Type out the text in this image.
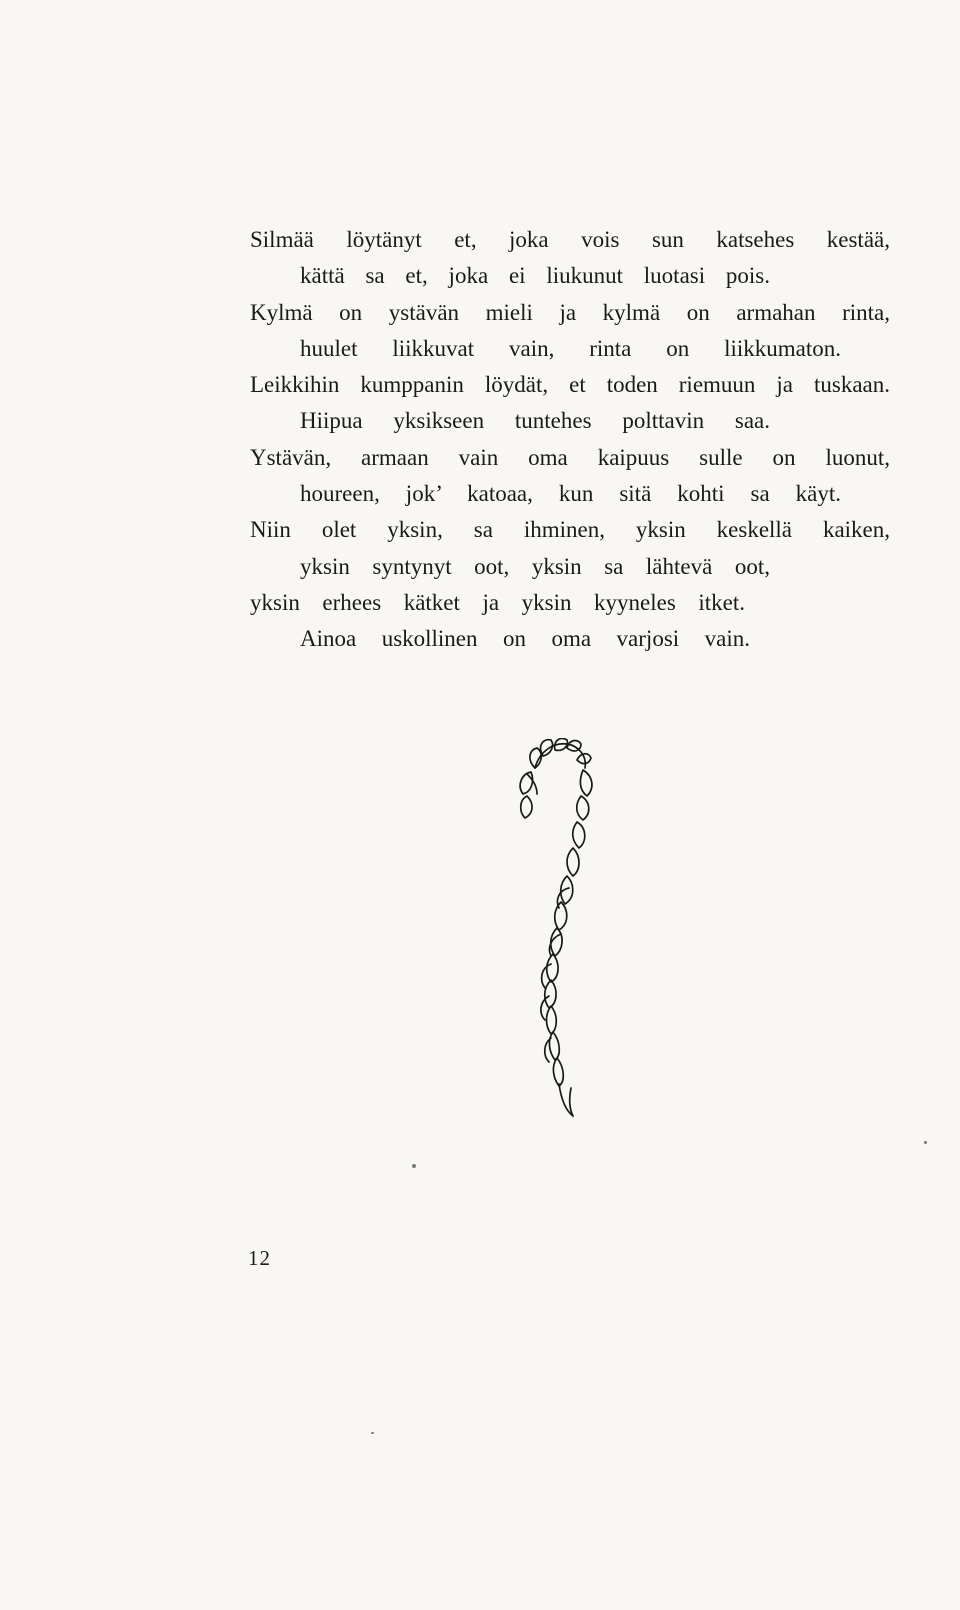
Silmää löytänyt et, joka vois sun katsehes kestää,
kättä sa et, joka ei liukunut luotasi pois.
Kylmä on ystävän mieli ja kylmä on armahan rinta,
huulet liikkuvat vain, rinta on liikkumaton.
Leikkihin kumppanin löydät, et toden riemuun ja tuskaan.
Hiipua yksikseen tuntehes polttavin saa.
Ystävän, armaan vain oma kaipuus sulle on luonut,
houreen, jok’ katoaa, kun sitä kohti sa käyt.
Niin olet yksin, sa ihminen, yksin keskellä kaiken,
yksin syntynyt oot, yksin sa lähtevä oot,
yksin erhees kätket ja yksin kyyneles itket.
Ainoa uskollinen on oma varjosi vain.
12
